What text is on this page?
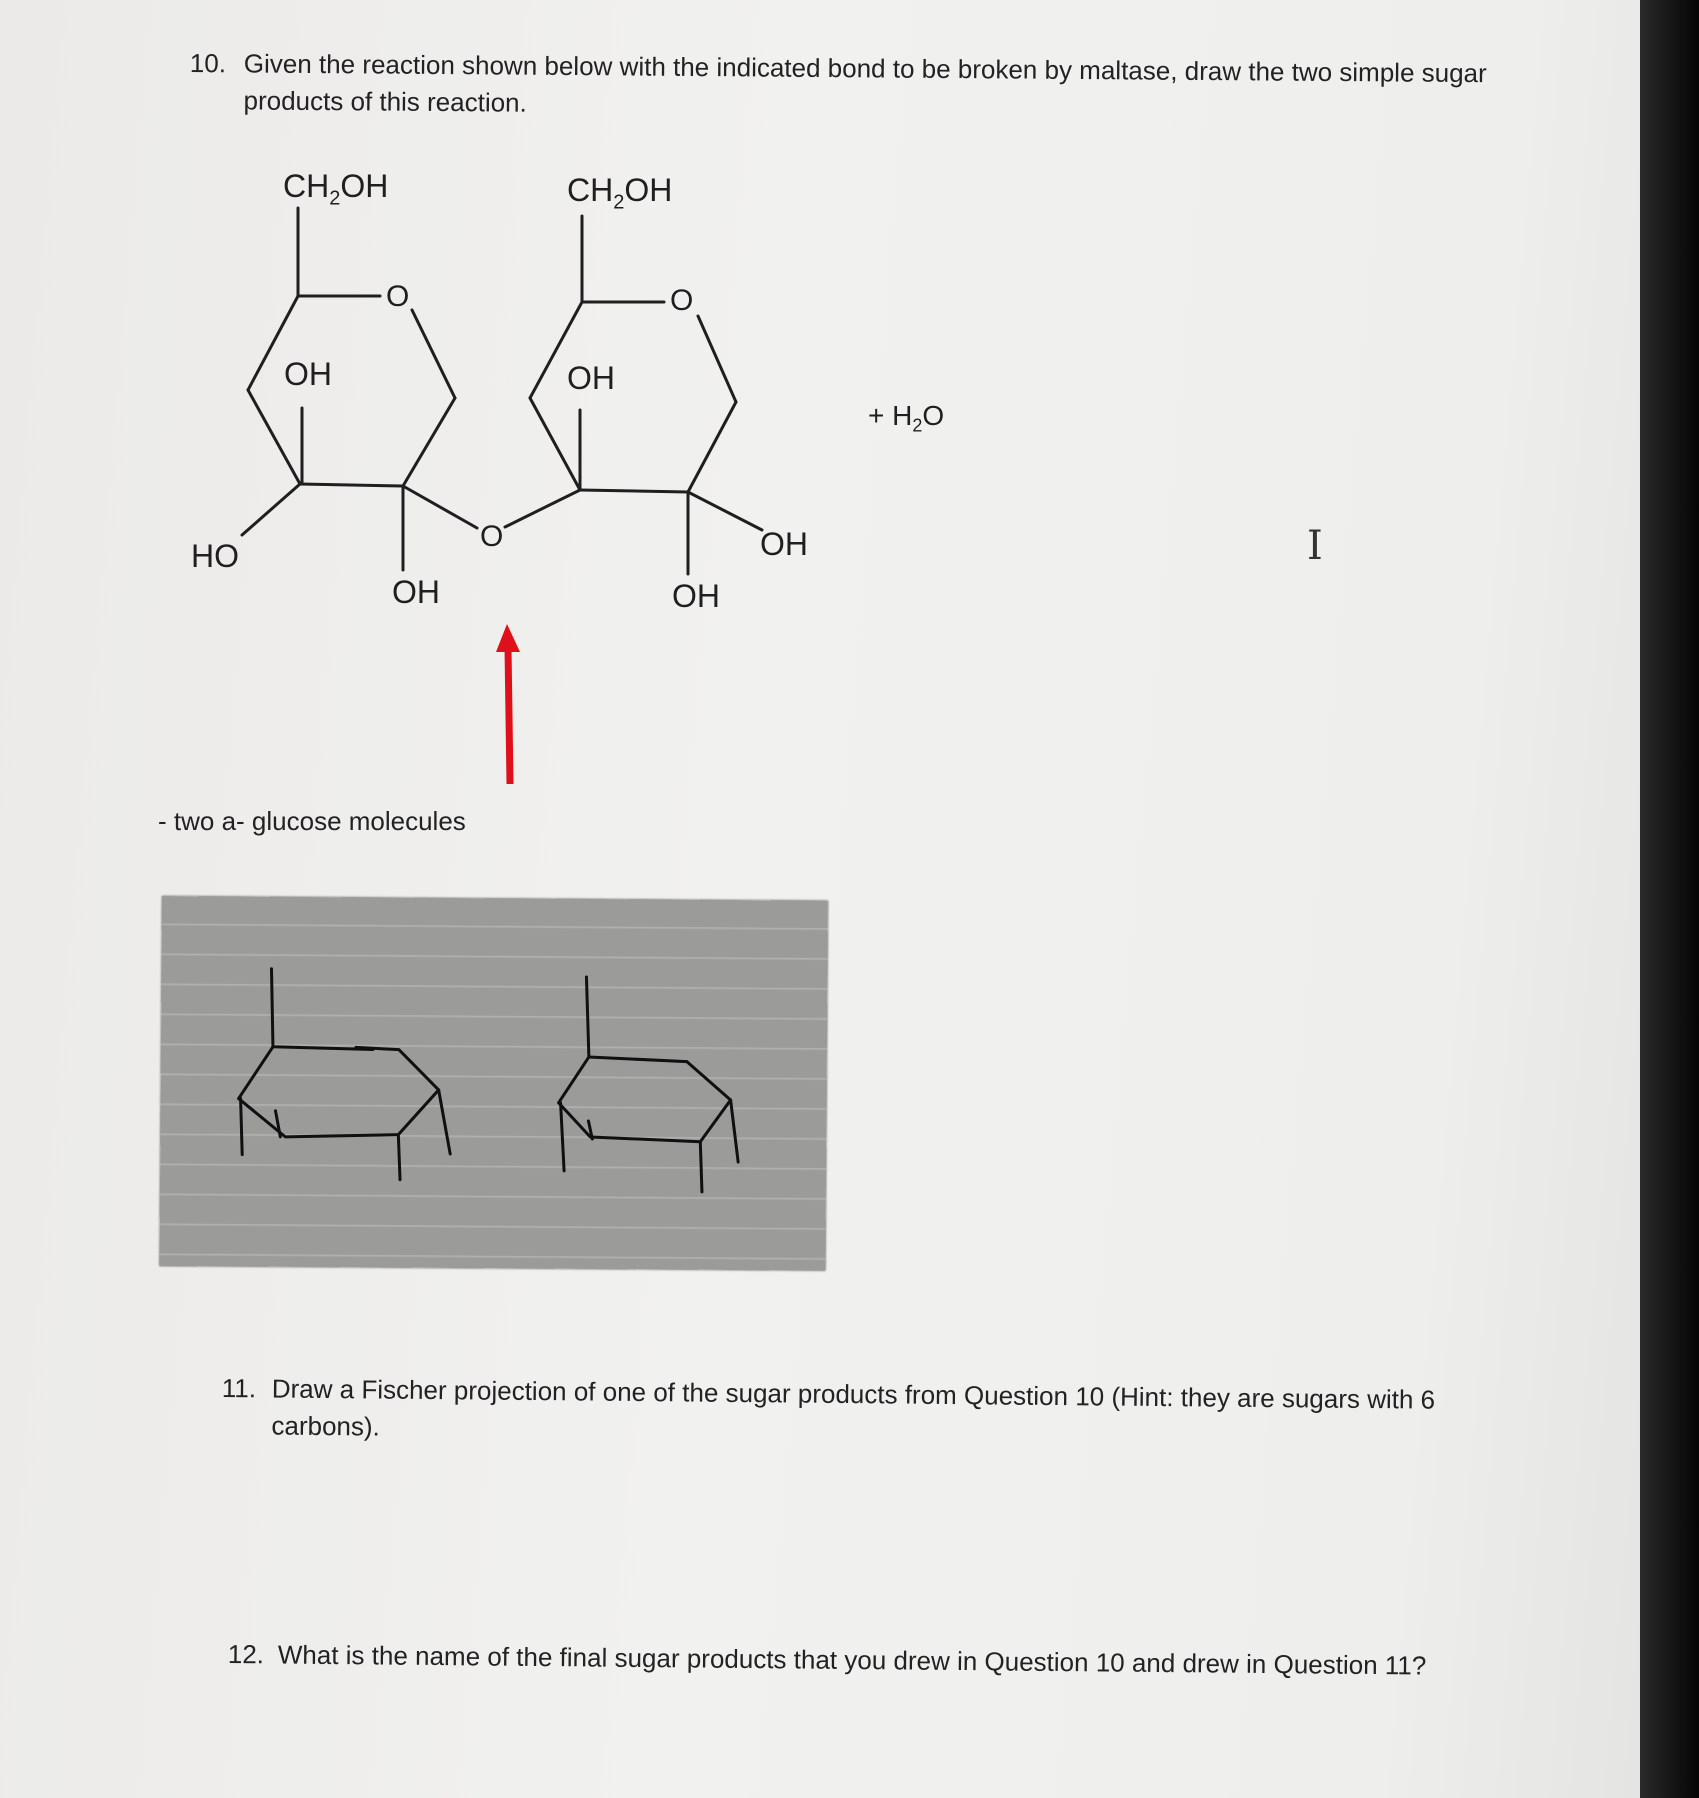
10. Given the reaction shown below with the indicated bond to be broken by maltase, draw the two simple sugar products of this reaction.
$CH_2OH$
O
OH
HO
OH
O
$CH_2OH$
O
OH
OH
OH
+ $H_2O$
I
- two a- glucose molecules
11. Draw a Fischer projection of one of the sugar products from Question 10 (Hint: they are sugars with 6 carbons).
12. What is the name of the final sugar products that you drew in Question 10 and drew in Question 11?
